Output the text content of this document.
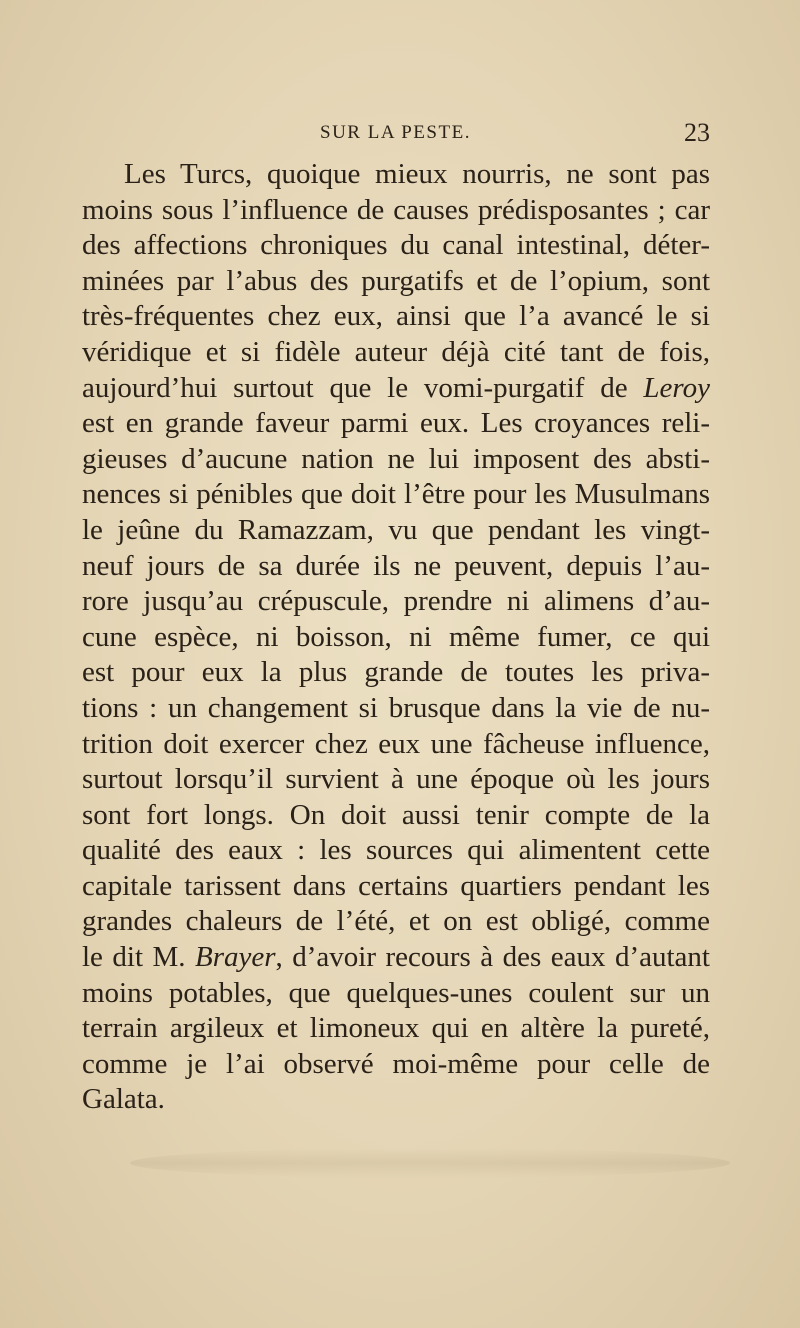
SUR LA PESTE.	23
Les Turcs, quoique mieux nourris, ne sont pas
moins sous l’influence de causes prédisposantes ; car
des affections chroniques du canal intestinal, déter-
minées par l’abus des purgatifs et de l’opium, sont
très-fréquentes chez eux, ainsi que l’a avancé le si
véridique et si fidèle auteur déjà cité tant de fois,
aujourd’hui surtout que le vomi-purgatif de Leroy
est en grande faveur parmi eux. Les croyances reli-
gieuses d’aucune nation ne lui imposent des absti-
nences si pénibles que doit l’être pour les Musulmans
le jeûne du Ramazzam, vu que pendant les vingt-
neuf jours de sa durée ils ne peuvent, depuis l’au-
rore jusqu’au crépuscule, prendre ni alimens d’au-
cune espèce, ni boisson, ni même fumer, ce qui
est pour eux la plus grande de toutes les priva-
tions : un changement si brusque dans la vie de nu-
trition doit exercer chez eux une fâcheuse influence,
surtout lorsqu’il survient à une époque où les jours
sont fort longs. On doit aussi tenir compte de la
qualité des eaux : les sources qui alimentent cette
capitale tarissent dans certains quartiers pendant les
grandes chaleurs de l’été, et on est obligé, comme
le dit M. Brayer, d’avoir recours à des eaux d’autant
moins potables, que quelques-unes coulent sur un
terrain argileux et limoneux qui en altère la pureté,
comme je l’ai observé moi-même pour celle de
Galata.
